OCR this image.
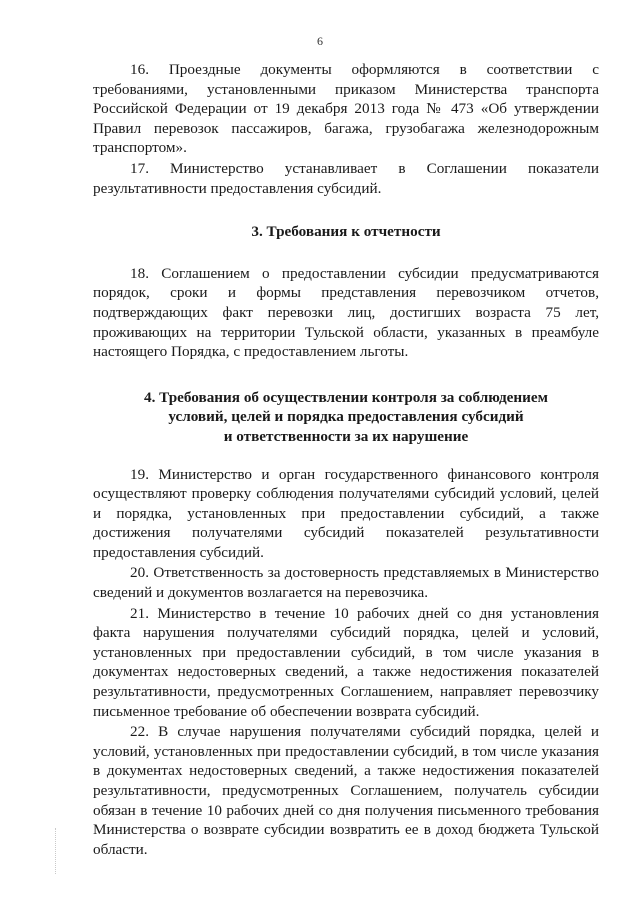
6

16. Проездные документы оформляются в соответствии с требованиями, установленными приказом Министерства транспорта Российской Федерации от 19 декабря 2013 года № 473 «Об утверждении Правил перевозок пассажиров, багажа, грузобагажа железнодорожным транспортом».

17. Министерство устанавливает в Соглашении показатели результативности предоставления субсидий.

3. Требования к отчетности

18. Соглашением о предоставлении субсидии предусматриваются порядок, сроки и формы представления перевозчиком отчетов, подтверждающих факт перевозки лиц, достигших возраста 75 лет, проживающих на территории Тульской области, указанных в преамбуле настоящего Порядка, с предоставлением льготы.

4. Требования об осуществлении контроля за соблюдением
условий, целей и порядка предоставления субсидий
и ответственности за их нарушение

19. Министерство и орган государственного финансового контроля осуществляют проверку соблюдения получателями субсидий условий, целей и порядка, установленных при предоставлении субсидий, а также достижения получателями субсидий показателей результативности предоставления субсидий.

20. Ответственность за достоверность представляемых в Министерство сведений и документов возлагается на перевозчика.

21. Министерство в течение 10 рабочих дней со дня установления факта нарушения получателями субсидий порядка, целей и условий, установленных при предоставлении субсидий, в том числе указания в документах недостоверных сведений, а также недостижения показателей результативности, предусмотренных Соглашением, направляет перевозчику письменное требование об обеспечении возврата субсидий.

22. В случае нарушения получателями субсидий порядка, целей и условий, установленных при предоставлении субсидий, в том числе указания в документах недостоверных сведений, а также недостижения показателей результативности, предусмотренных Соглашением, получатель субсидии обязан в течение 10 рабочих дней со дня получения письменного требования Министерства о возврате субсидии возвратить ее в доход бюджета Тульской области.
